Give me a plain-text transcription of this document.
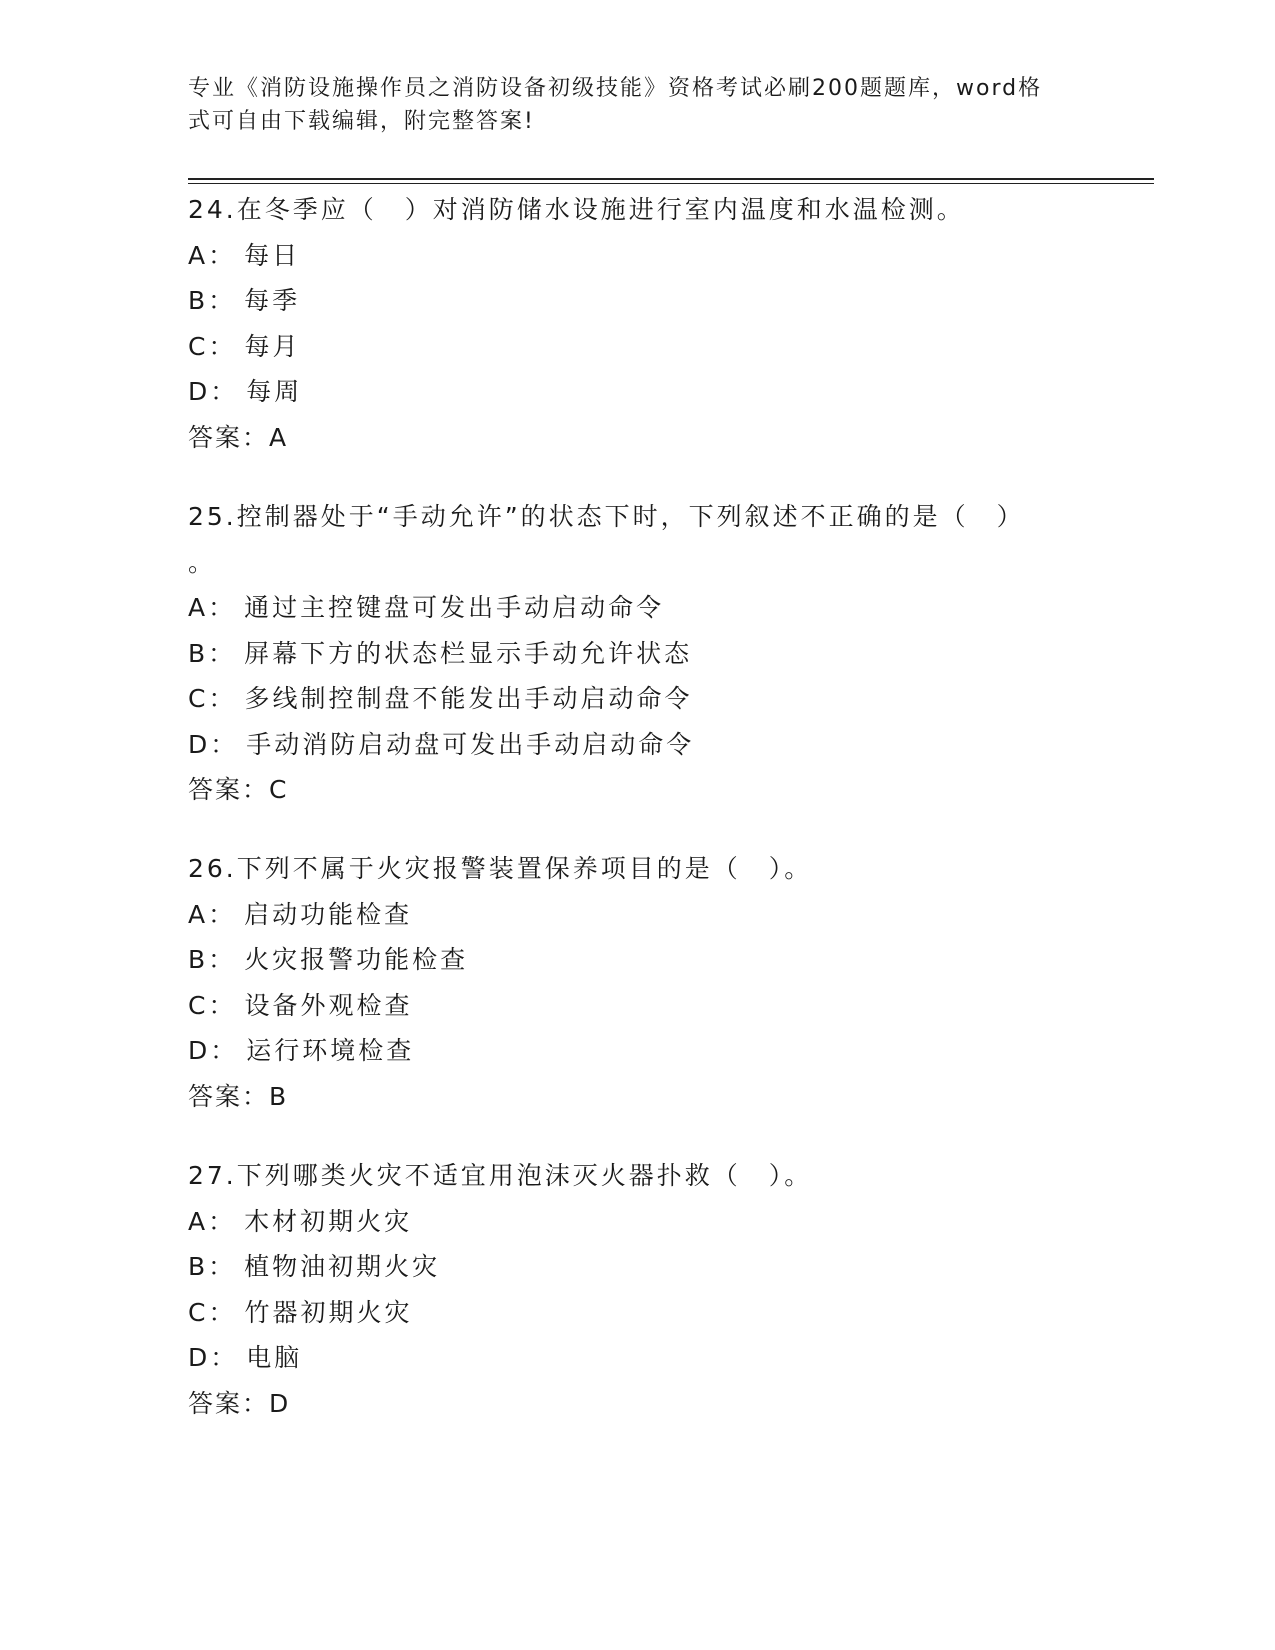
专业《消防设施操作员之消防设备初级技能》资格考试必刷200题题库，word格
式可自由下载编辑，附完整答案!
24.在冬季应（　）对消防储水设施进行室内温度和水温检测。
A： 每日
B： 每季
C： 每月
D： 每周
答案：A
25.控制器处于“手动允许”的状态下时，下列叙述不正确的是（　）
。
A： 通过主控键盘可发出手动启动命令
B： 屏幕下方的状态栏显示手动允许状态
C： 多线制控制盘不能发出手动启动命令
D： 手动消防启动盘可发出手动启动命令
答案：C
26.下列不属于火灾报警装置保养项目的是（　）。
A： 启动功能检查
B： 火灾报警功能检查
C： 设备外观检查
D： 运行环境检查
答案：B
27.下列哪类火灾不适宜用泡沫灭火器扑救（　）。
A： 木材初期火灾
B： 植物油初期火灾
C： 竹器初期火灾
D： 电脑
答案：D
